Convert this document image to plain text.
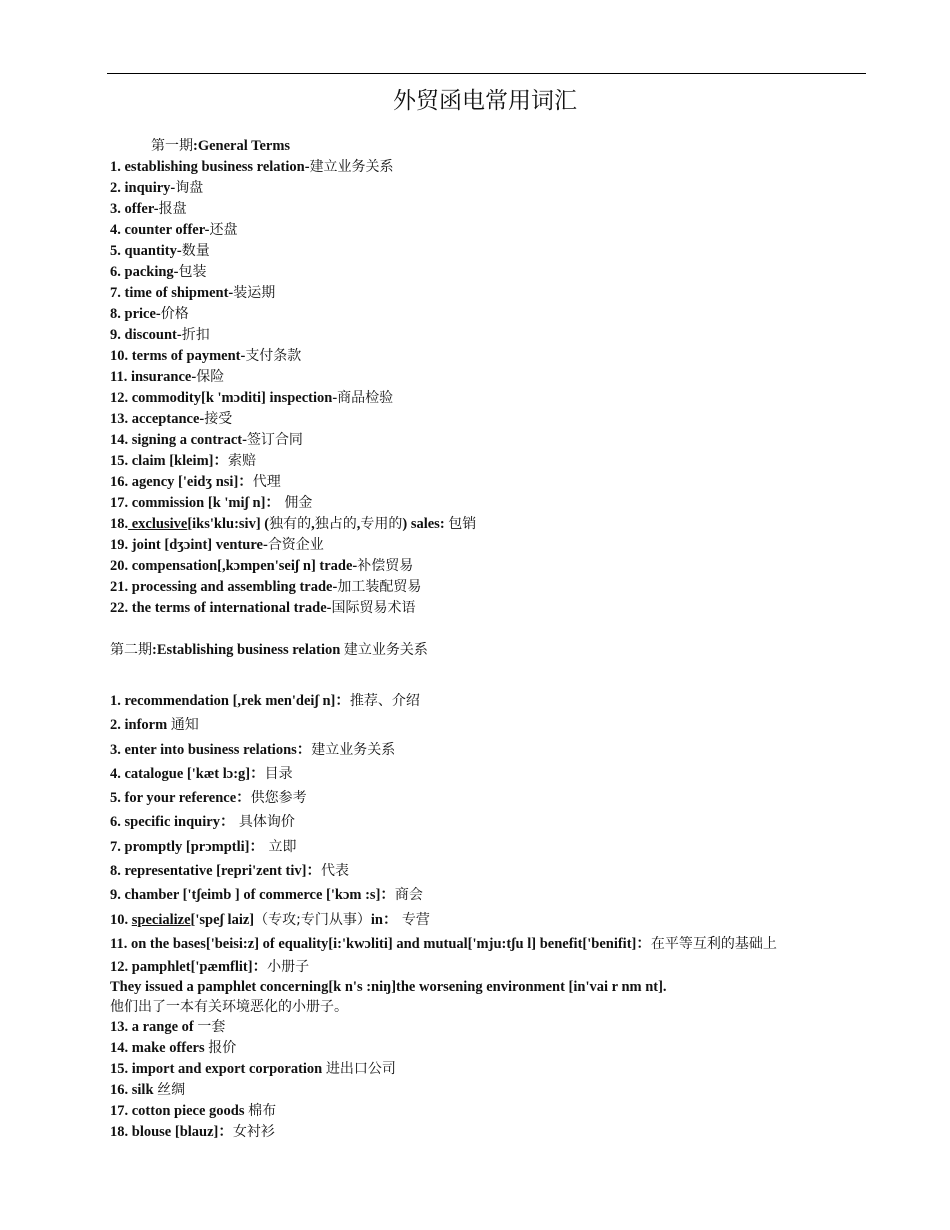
外贸函电常用词汇
第一期:General Terms
1. establishing business relation-建立业务关系
2. inquiry-询盘
3. offer-报盘
4. counter offer-还盘
5. quantity-数量
6. packing-包装
7. time of shipment-装运期
8. price-价格
9. discount-折扣
10. terms of payment-支付条款
11. insurance-保险
12. commodity[k 'mɔditi] inspection-商品检验
13. acceptance-接受
14. signing a contract-签订合同
15. claim [kleim]：索赔
16. agency ['eidʒ nsi]：代理
17. commission [k 'miʃ n]： 佣金
18. exclusive[iks'klu:siv] (独有的,独占的,专用的) sales: 包销
19. joint [dʒɔint] venture-合资企业
20. compensation[,kɔmpen'seiʃ n] trade-补偿贸易
21. processing and assembling trade-加工装配贸易
22. the terms of international trade-国际贸易术语
第二期:Establishing business relation 建立业务关系
1. recommendation [,rek men'deiʃ n]：推荐、介绍
2. inform 通知
3. enter into business relations：建立业务关系
4. catalogue ['kæt lɔ:g]：目录
5. for your reference：供您参考
6. specific inquiry： 具体询价
7. promptly [prɔmptli]： 立即
8. representative [repri'zent tiv]：代表
9. chamber ['tʃeimb ] of commerce ['kɔm :s]：商会
10. specialize['speʃ laiz]（专攻;专门从事）in： 专营
11. on the bases['beisi:z] of equality[i:'kwɔliti] and mutual['mju:tʃu l] benefit['benifit]：在平等互利的基础上
12. pamphlet['pæmflit]：小册子
They issued a pamphlet concerning[k n's :niŋ]the worsening environment [in'vai r nm nt].
他们出了一本有关环境恶化的小册子。
13. a range of 一套
14. make offers 报价
15. import and export corporation 进出口公司
16. silk 丝绸
17. cotton piece goods 棉布
18. blouse [blauz]：女衬衫
